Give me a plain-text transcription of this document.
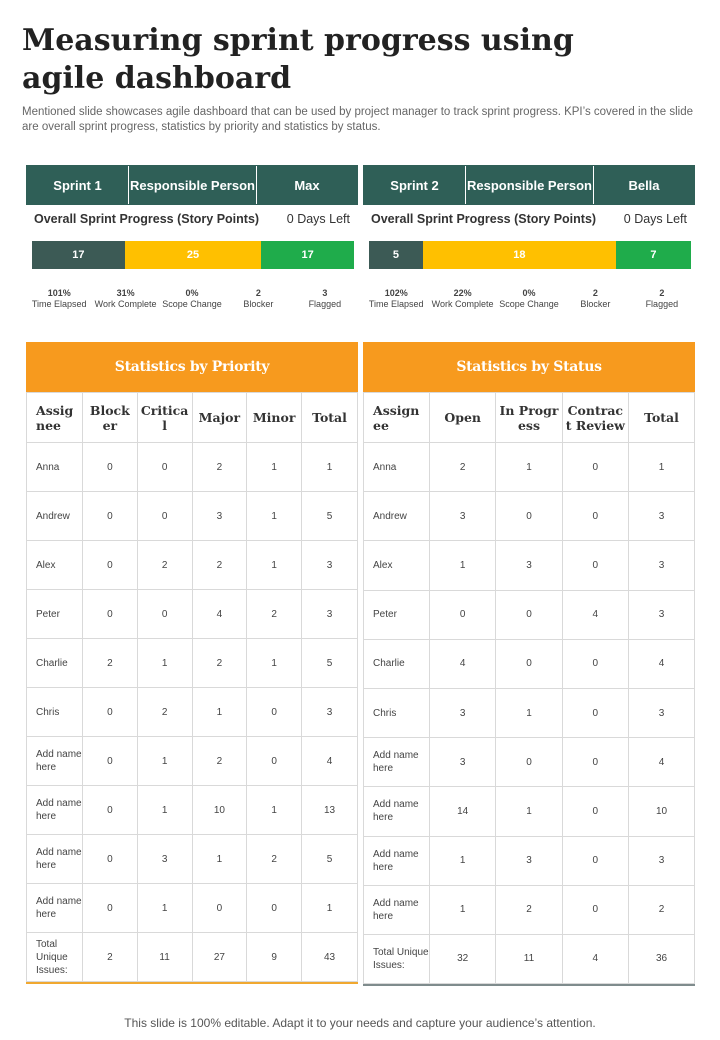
Measuring sprint progress using agile dashboard

Mentioned slide showcases agile dashboard that can be used by project manager to track sprint progress. KPI’s covered in the slide are overall sprint progress, statistics by priority and statistics by status.

Sprint 1	Responsible Person	Max
Overall Sprint Progress (Story Points) 0 Days Left
17	25	17
101%
Time Elapsed
31%
Work Complete
0%
Scope Change
2
Blocker
3
Flagged
Sprint 2	Responsible Person	Bella
Overall Sprint Progress (Story Points) 0 Days Left
5	18	7
102%
Time Elapsed
22%
Work Complete
0%
Scope Change
2
Blocker
2
Flagged
Statistics by Priority
Assignee	Blocker	Critical	Major	Minor	Total
Anna	0	0	2	1	1
Andrew	0	0	3	1	5
Alex	0	2	2	1	3
Peter	0	0	4	2	3
Charlie	2	1	2	1	5
Chris	0	2	1	0	3
Add name here	0	1	2	0	4
Add name here	0	1	10	1	13
Add name here	0	3	1	2	5
Add name here	0	1	0	0	1
Total Unique Issues:	2	11	27	9	43
Statistics by Status
Assignee	Open	In Progress	Contract Review	Total
Anna	2	1	0	1
Andrew	3	0	0	3
Alex	1	3	0	3
Peter	0	0	4	3
Charlie	4	0	0	4
Chris	3	1	0	3
Add name here	3	0	0	4
Add name here	14	1	0	10
Add name here	1	3	0	3
Add name here	1	2	0	2
Total Unique Issues:	32	11	4	36
This slide is 100% editable. Adapt it to your needs and capture your audience’s attention.
